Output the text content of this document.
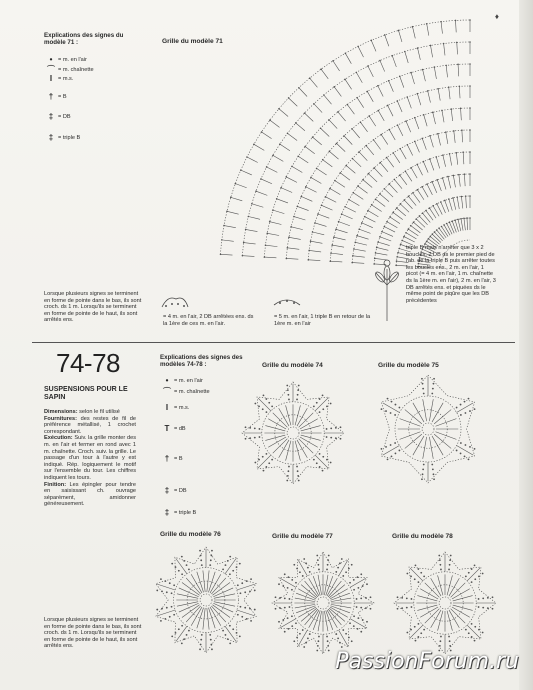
♦
Explications des signes du
modèle 71 :
• = m. en l'air
⌒ = m. chaînette
I	= m.s.
† = B
‡ = DB
‡ = triple B
Grille du modèle 71
Lorsque plusieurs signes se terminent en forme de pointe dans le bas, ils sont croch. ds 1 m. Lorsqu'ils se terminent en forme de pointe de le haut, ils sont arrêtés ens.
= 4 m. en l'air, 2 DB arrêtées ens. ds la 1ère de ces m. en l'air.
= 5 m. en l'air, 1 triple B en retour de la 1ère m. en l'air
triple B mais n'arrêter que 3 x 2 boucles, 2 DB ds le premier pied de rab. de la triple B puis arrêter toutes les boucles ens., 2 m. en l'air, 1 picot (= 4 m. en l'air, 1 m. chaînette ds la 1ère m. en l'air), 2 m. en l'air, 3 DB arrêtés ens. et piquées ds le même point de piqûre que les DB précédentes
74-78
SUSPENSIONS POUR LE
SAPIN
Dimensions: selon le fil utilisé
Fournitures: des restes de fil de préférence métallisé, 1 crochet correspondant.
Exécution: Suiv. la grille monter des m. en l'air et fermer en rond avec 1 m. chaînette. Croch. suiv. la grille. Le passage d'un tour à l'autre y est indiqué. Rép. logiquement le motif sur l'ensemble du tour. Les chiffres indiquent les tours.
Finition: Les épingler pour tendre en saisissant ch. ouvrage séparément, amidonner généreusement.
Explications des signes des
modèles 74-78 :
• = m. en l'air
⌒ = m. chaînette
I	= m.s.
T = dB
† = B
‡ = DB
‡ = triple B
Grille du modèle 74	Grille du modèle 75
Grille du modèle 76	Grille du modèle 77	Grille du modèle 78
Lorsque plusieurs signes se terminent en forme de pointe dans le bas, ils sont croch. ds 1 m. Lorsqu'ils se terminent en forme de pointe de le haut, ils sont arrêtés ens.
PassionForum.ru
